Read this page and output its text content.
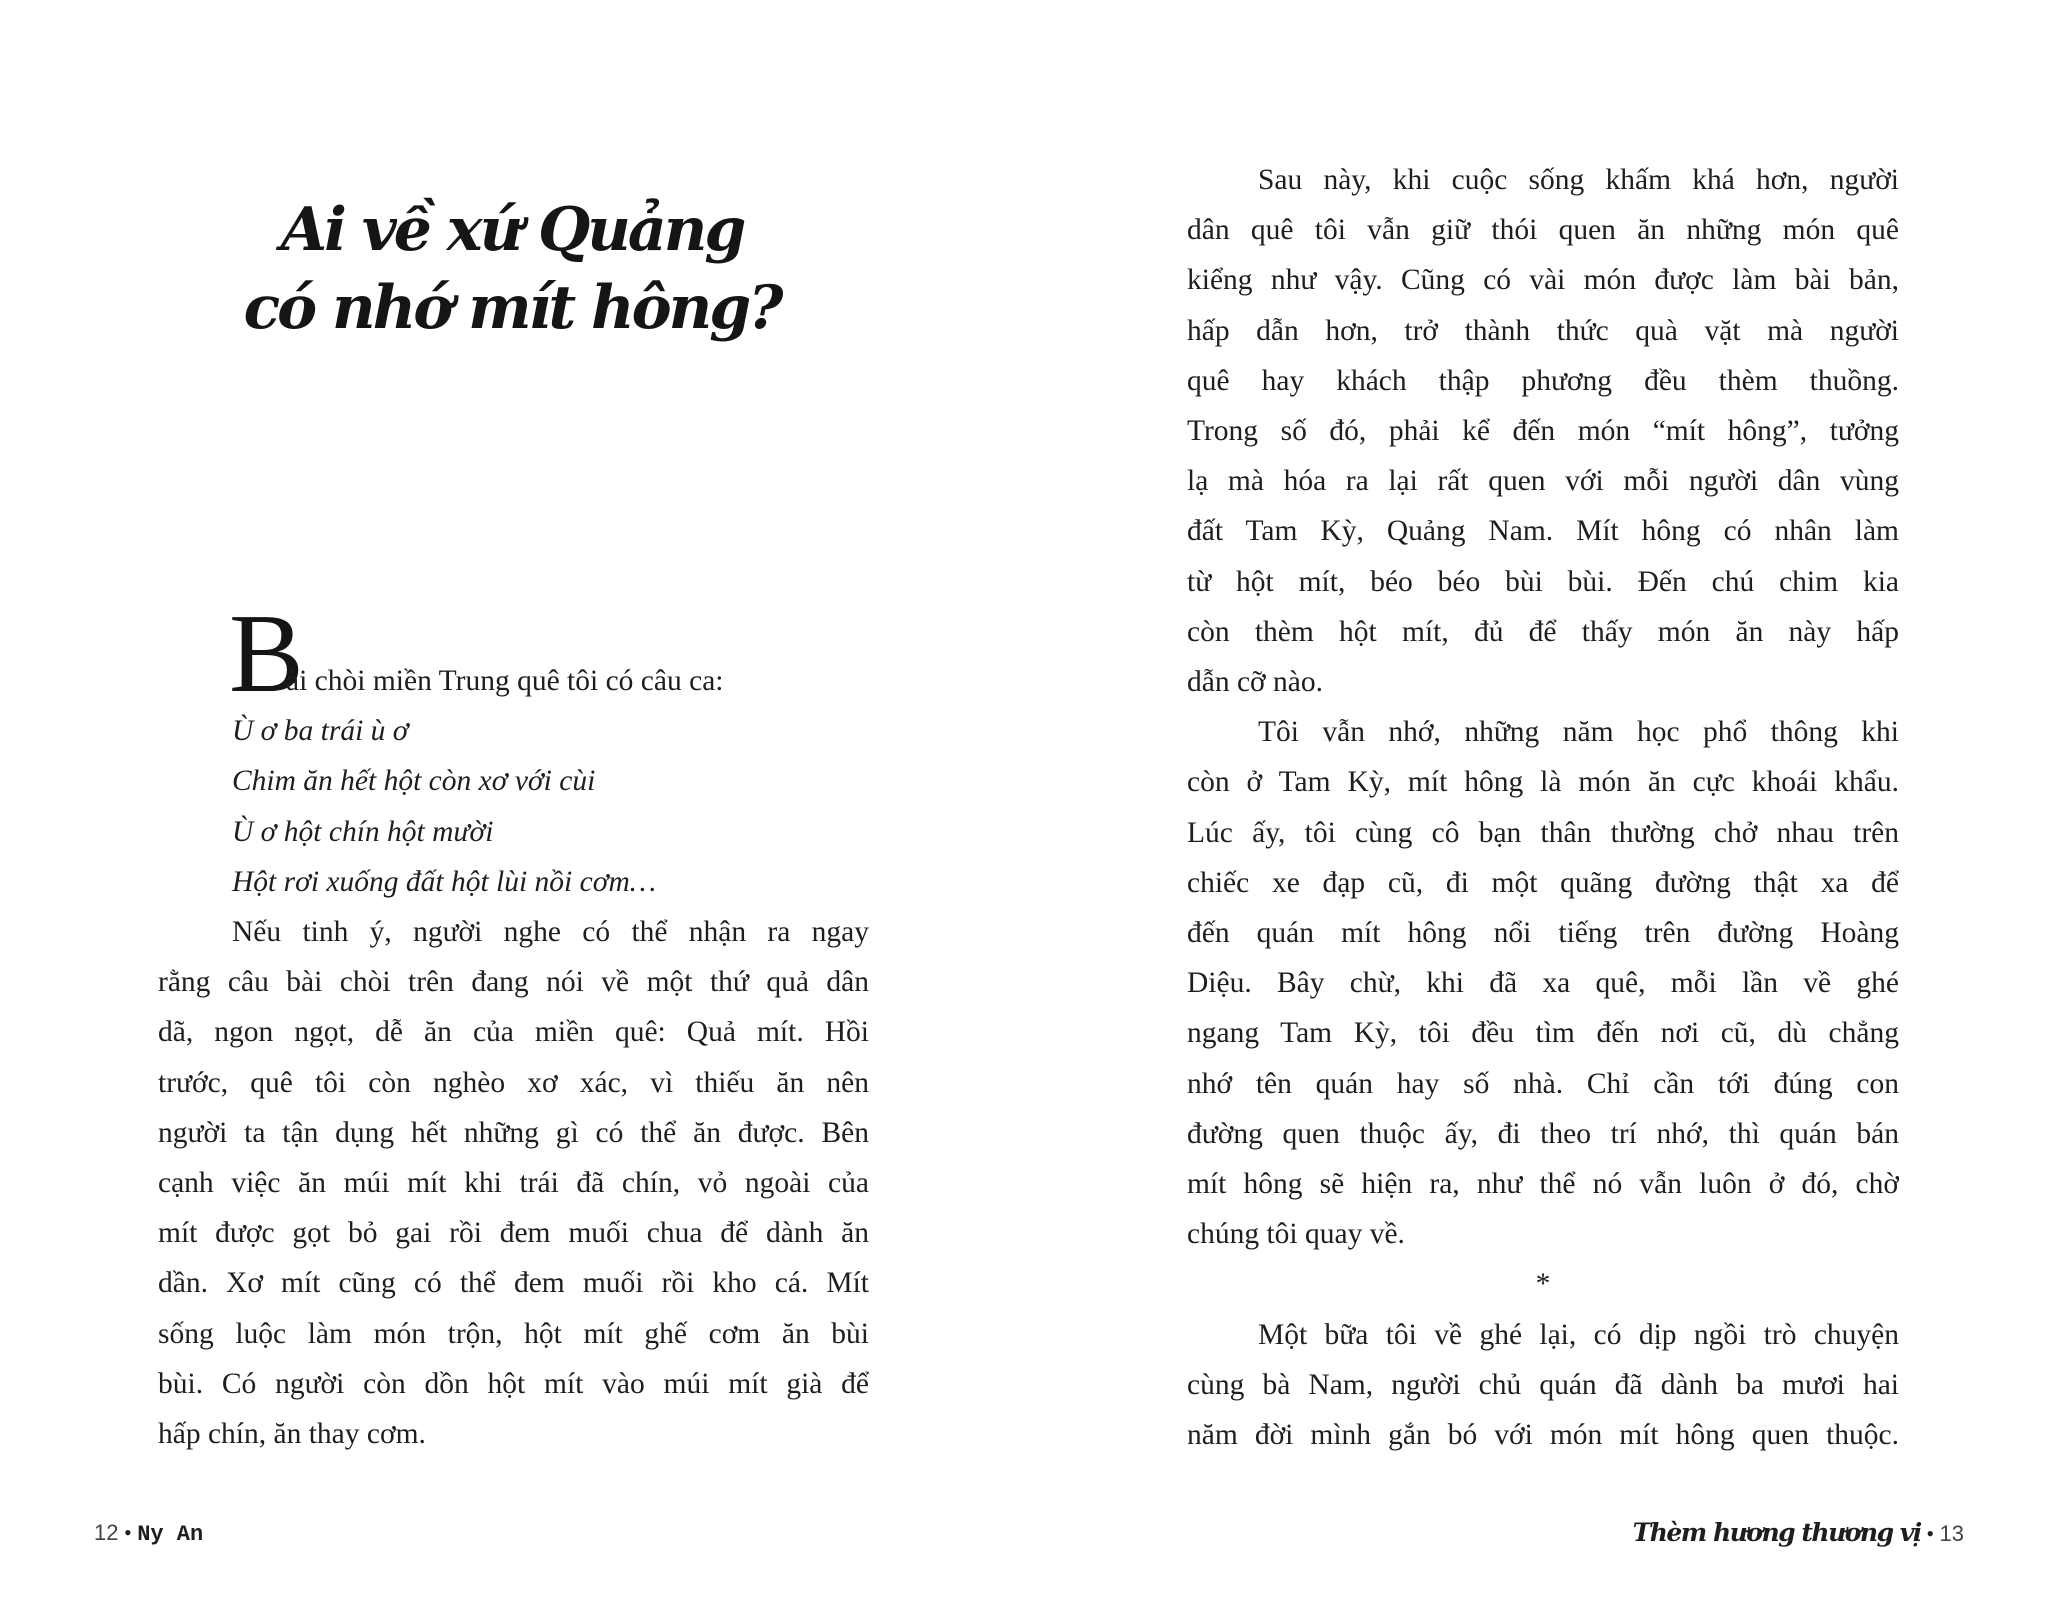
Ai về xứ Quảng
có nhớ mít hông?
B
12 • Ny An
ài chòi miền Trung quê tôi có câu ca:
Ù ơ ba trái ù ơ
Chim ăn hết hột còn xơ với cùi
Ù ơ hột chín hột mười
Hột rơi xuống đất hột lùi nồi cơm…
Nếu tinh ý, người nghe có thể nhận ra ngay
rằng câu bài chòi trên đang nói về một thứ quả dân
dã, ngon ngọt, dễ ăn của miền quê: Quả mít. Hồi
trước, quê tôi còn nghèo xơ xác, vì thiếu ăn nên
người ta tận dụng hết những gì có thể ăn được. Bên
cạnh việc ăn múi mít khi trái đã chín, vỏ ngoài của
mít được gọt bỏ gai rồi đem muối chua để dành ăn
dần. Xơ mít cũng có thể đem muối rồi kho cá. Mít
sống luộc làm món trộn, hột mít ghế cơm ăn bùi
bùi. Có người còn dồn hột mít vào múi mít già để
hấp chín, ăn thay cơm.
Thèm hương thương vị • 13
Sau này, khi cuộc sống khấm khá hơn, người
dân quê tôi vẫn giữ thói quen ăn những món quê
kiểng như vậy. Cũng có vài món được làm bài bản,
hấp dẫn hơn, trở thành thức quà vặt mà người
quê hay khách thập phương đều thèm thuồng.
Trong số đó, phải kể đến món “mít hông”, tưởng
lạ mà hóa ra lại rất quen với mỗi người dân vùng
đất Tam Kỳ, Quảng Nam. Mít hông có nhân làm
từ hột mít, béo béo bùi bùi. Đến chú chim kia
còn thèm hột mít, đủ để thấy món ăn này hấp
dẫn cỡ nào.
Tôi vẫn nhớ, những năm học phổ thông khi
còn ở Tam Kỳ, mít hông là món ăn cực khoái khẩu.
Lúc ấy, tôi cùng cô bạn thân thường chở nhau trên
chiếc xe đạp cũ, đi một quãng đường thật xa để
đến quán mít hông nổi tiếng trên đường Hoàng
Diệu. Bây chừ, khi đã xa quê, mỗi lần về ghé
ngang Tam Kỳ, tôi đều tìm đến nơi cũ, dù chẳng
nhớ tên quán hay số nhà. Chỉ cần tới đúng con
đường quen thuộc ấy, đi theo trí nhớ, thì quán bán
mít hông sẽ hiện ra, như thể nó vẫn luôn ở đó, chờ
chúng tôi quay về.
*
Một bữa tôi về ghé lại, có dịp ngồi trò chuyện
cùng bà Nam, người chủ quán đã dành ba mươi hai
năm đời mình gắn bó với món mít hông quen thuộc.
